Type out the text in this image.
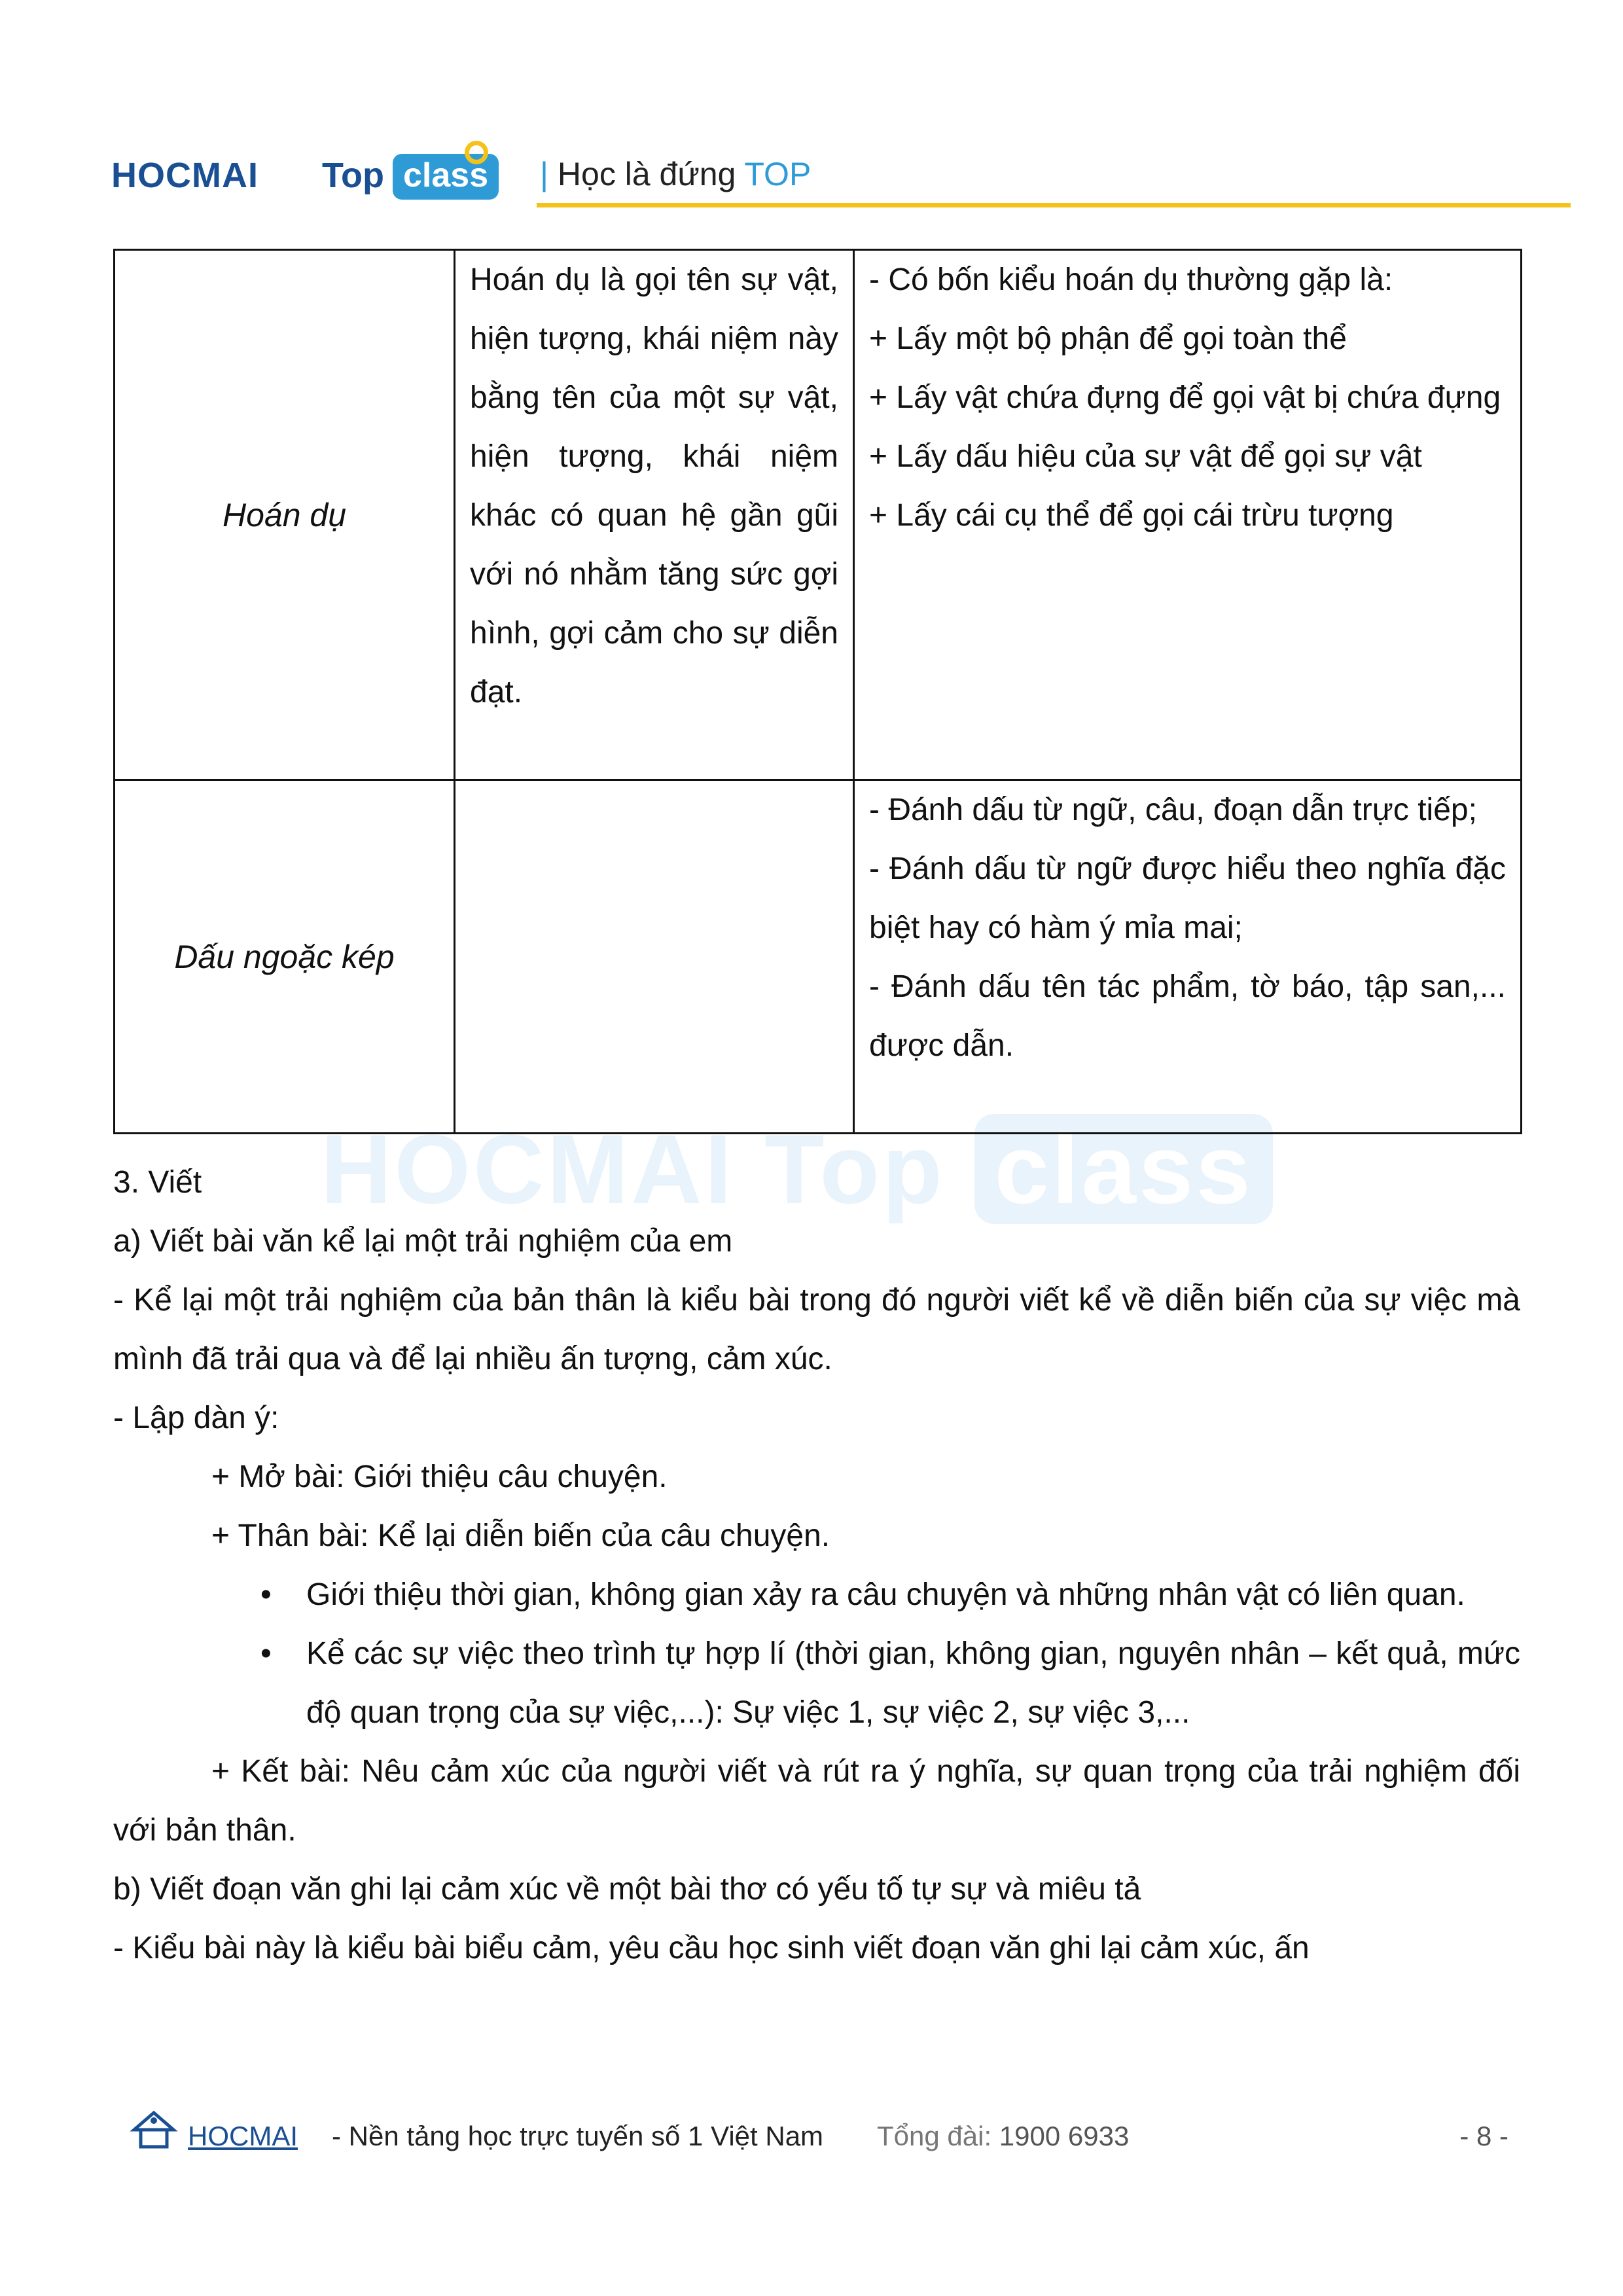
HOCMAI Top class	| Học là đứng TOP
HOCMAI Top class
Hoán dụ	Hoán dụ là gọi tên sự vật, hiện tượng, khái niệm này bằng tên của một sự vật, hiện tượng, khái niệm khác có quan hệ gần gũi với nó nhằm tăng sức gợi hình, gợi cảm cho sự diễn đạt.	- Có bốn kiểu hoán dụ thường gặp là:
+ Lấy một bộ phận để gọi toàn thể
+ Lấy vật chứa đựng để gọi vật bị chứa đựng
+ Lấy dấu hiệu của sự vật để gọi sự vật
+ Lấy cái cụ thể để gọi cái trừu tượng

Dấu ngoặc kép		- Đánh dấu từ ngữ, câu, đoạn dẫn trực tiếp;
- Đánh dấu từ ngữ được hiểu theo nghĩa đặc biệt hay có hàm ý mỉa mai;
- Đánh dấu tên tác phẩm, tờ báo, tập san,... được dẫn.

3. Viết

a) Viết bài văn kể lại một trải nghiệm của em

- Kể lại một trải nghiệm của bản thân là kiểu bài trong đó người viết kể về diễn biến của sự việc mà mình đã trải qua và để lại nhiều ấn tượng, cảm xúc.

- Lập dàn ý:

+ Mở bài: Giới thiệu câu chuyện.

+ Thân bài: Kể lại diễn biến của câu chuyện.

• Giới thiệu thời gian, không gian xảy ra câu chuyện và những nhân vật có liên quan.
• Kể các sự việc theo trình tự hợp lí (thời gian, không gian, nguyên nhân – kết quả, mức độ quan trọng của sự việc,...): Sự việc 1, sự việc 2, sự việc 3,...

+ Kết bài: Nêu cảm xúc của người viết và rút ra ý nghĩa, sự quan trọng của trải nghiệm đối với bản thân.

b) Viết đoạn văn ghi lại cảm xúc về một bài thơ có yếu tố tự sự và miêu tả

- Kiểu bài này là kiểu bài biểu cảm, yêu cầu học sinh viết đoạn văn ghi lại cảm xúc, ấn

HOCMAI - Nền tảng học trực tuyến số 1 Việt Nam Tổng đài: 1900 6933	- 8 -
